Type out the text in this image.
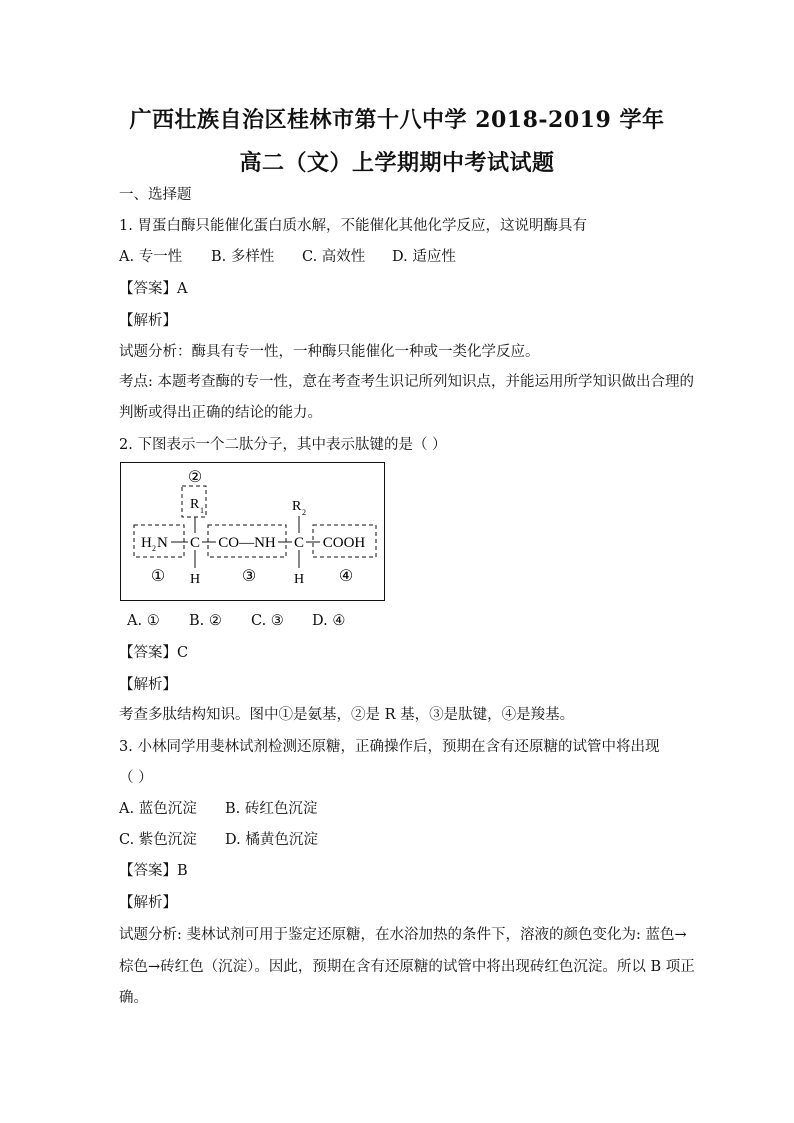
广西壮族自治区桂林市第十八中学 2018-2019 学年
高二（文）上学期期中考试试题
一、选择题
1. 胃蛋白酶只能催化蛋白质水解，不能催化其他化学反应，这说明酶具有
A. 专一性 B. 多样性 C. 高效性 D. 适应性
【答案】A
【解析】
试题分析：酶具有专一性，一种酶只能催化一种或一类化学反应。
考点: 本题考查酶的专一性，意在考查考生识记所列知识点，并能运用所学知识做出合理的
判断或得出正确的结论的能力。
2. 下图表示一个二肽分子，其中表示肽键的是（ ）
②
①	③	④
R 1	R 2
H 2 N C CO—NH C COOH
H	H
A. ① B. ② C. ③ D. ④
【答案】C
【解析】
考查多肽结构知识。图中①是氨基，②是 R 基，③是肽键，④是羧基。
3. 小林同学用斐林试剂检测还原糖，正确操作后，预期在含有还原糖的试管中将出现
（ ）
A. 蓝色沉淀 B. 砖红色沉淀
C. 紫色沉淀 D. 橘黄色沉淀
【答案】B
【解析】
试题分析: 斐林试剂可用于鉴定还原糖，在水浴加热的条件下，溶液的颜色变化为: 蓝色→
棕色→砖红色（沉淀）。因此，预期在含有还原糖的试管中将出现砖红色沉淀。所以 B 项正
确。
